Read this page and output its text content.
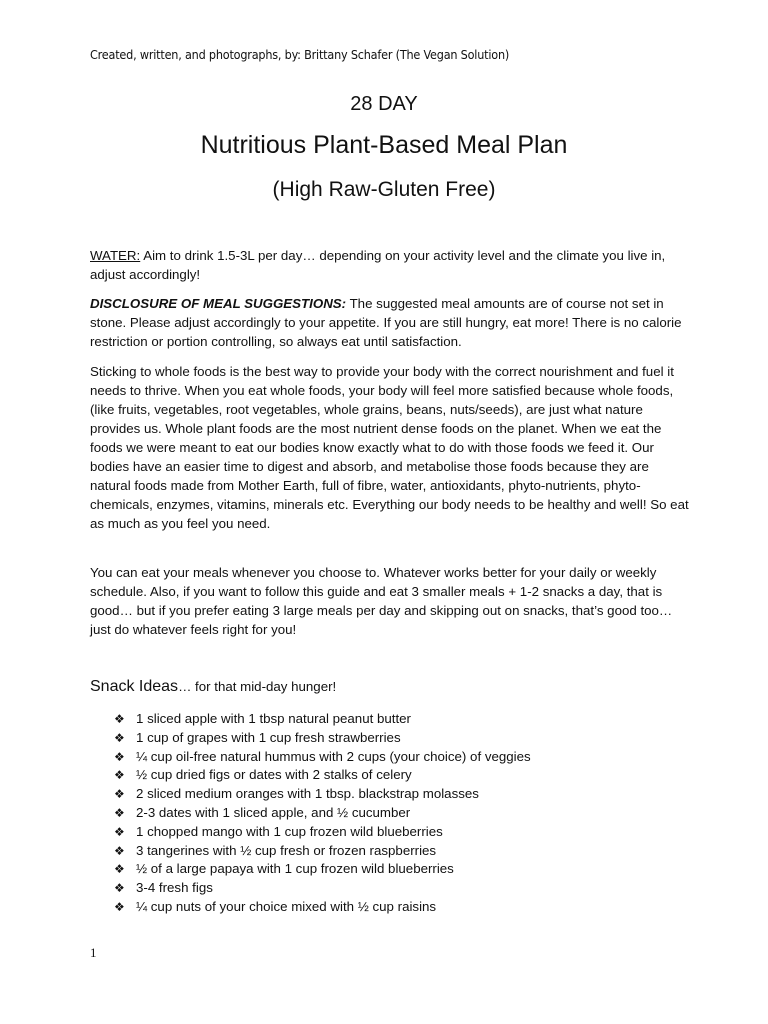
Created, written, and photographs, by: Brittany Schafer (The Vegan Solution)
28 DAY
Nutritious Plant-Based Meal Plan
(High Raw-Gluten Free)

WATER: Aim to drink 1.5-3L per day… depending on your activity level and the climate you live in, adjust accordingly!

DISCLOSURE OF MEAL SUGGESTIONS: The suggested meal amounts are of course not set in stone. Please adjust accordingly to your appetite. If you are still hungry, eat more! There is no calorie restriction or portion controlling, so always eat until satisfaction.

Sticking to whole foods is the best way to provide your body with the correct nourishment and fuel it needs to thrive. When you eat whole foods, your body will feel more satisfied because whole foods, (like fruits, vegetables, root vegetables, whole grains, beans, nuts/seeds), are just what nature provides us. Whole plant foods are the most nutrient dense foods on the planet. When we eat the foods we were meant to eat our bodies know exactly what to do with those foods we feed it. Our bodies have an easier time to digest and absorb, and metabolise those foods because they are natural foods made from Mother Earth, full of fibre, water, antioxidants, phyto-nutrients, phyto-chemicals, enzymes, vitamins, minerals etc. Everything our body needs to be healthy and well! So eat as much as you feel you need.

You can eat your meals whenever you choose to. Whatever works better for your daily or weekly schedule. Also, if you want to follow this guide and eat 3 smaller meals + 1-2 snacks a day, that is good… but if you prefer eating 3 large meals per day and skipping out on snacks, that’s good too… just do whatever feels right for you!

Snack Ideas… for that mid-day hunger!
❖ 1 sliced apple with 1 tbsp natural peanut butter
❖ 1 cup of grapes with 1 cup fresh strawberries
❖ ¼ cup oil-free natural hummus with 2 cups (your choice) of veggies
❖ ½ cup dried figs or dates with 2 stalks of celery
❖ 2 sliced medium oranges with 1 tbsp. blackstrap molasses
❖ 2-3 dates with 1 sliced apple, and ½ cucumber
❖ 1 chopped mango with 1 cup frozen wild blueberries
❖ 3 tangerines with ½ cup fresh or frozen raspberries
❖ ½ of a large papaya with 1 cup frozen wild blueberries
❖ 3-4 fresh figs
❖ ¼ cup nuts of your choice mixed with ½ cup raisins
1
